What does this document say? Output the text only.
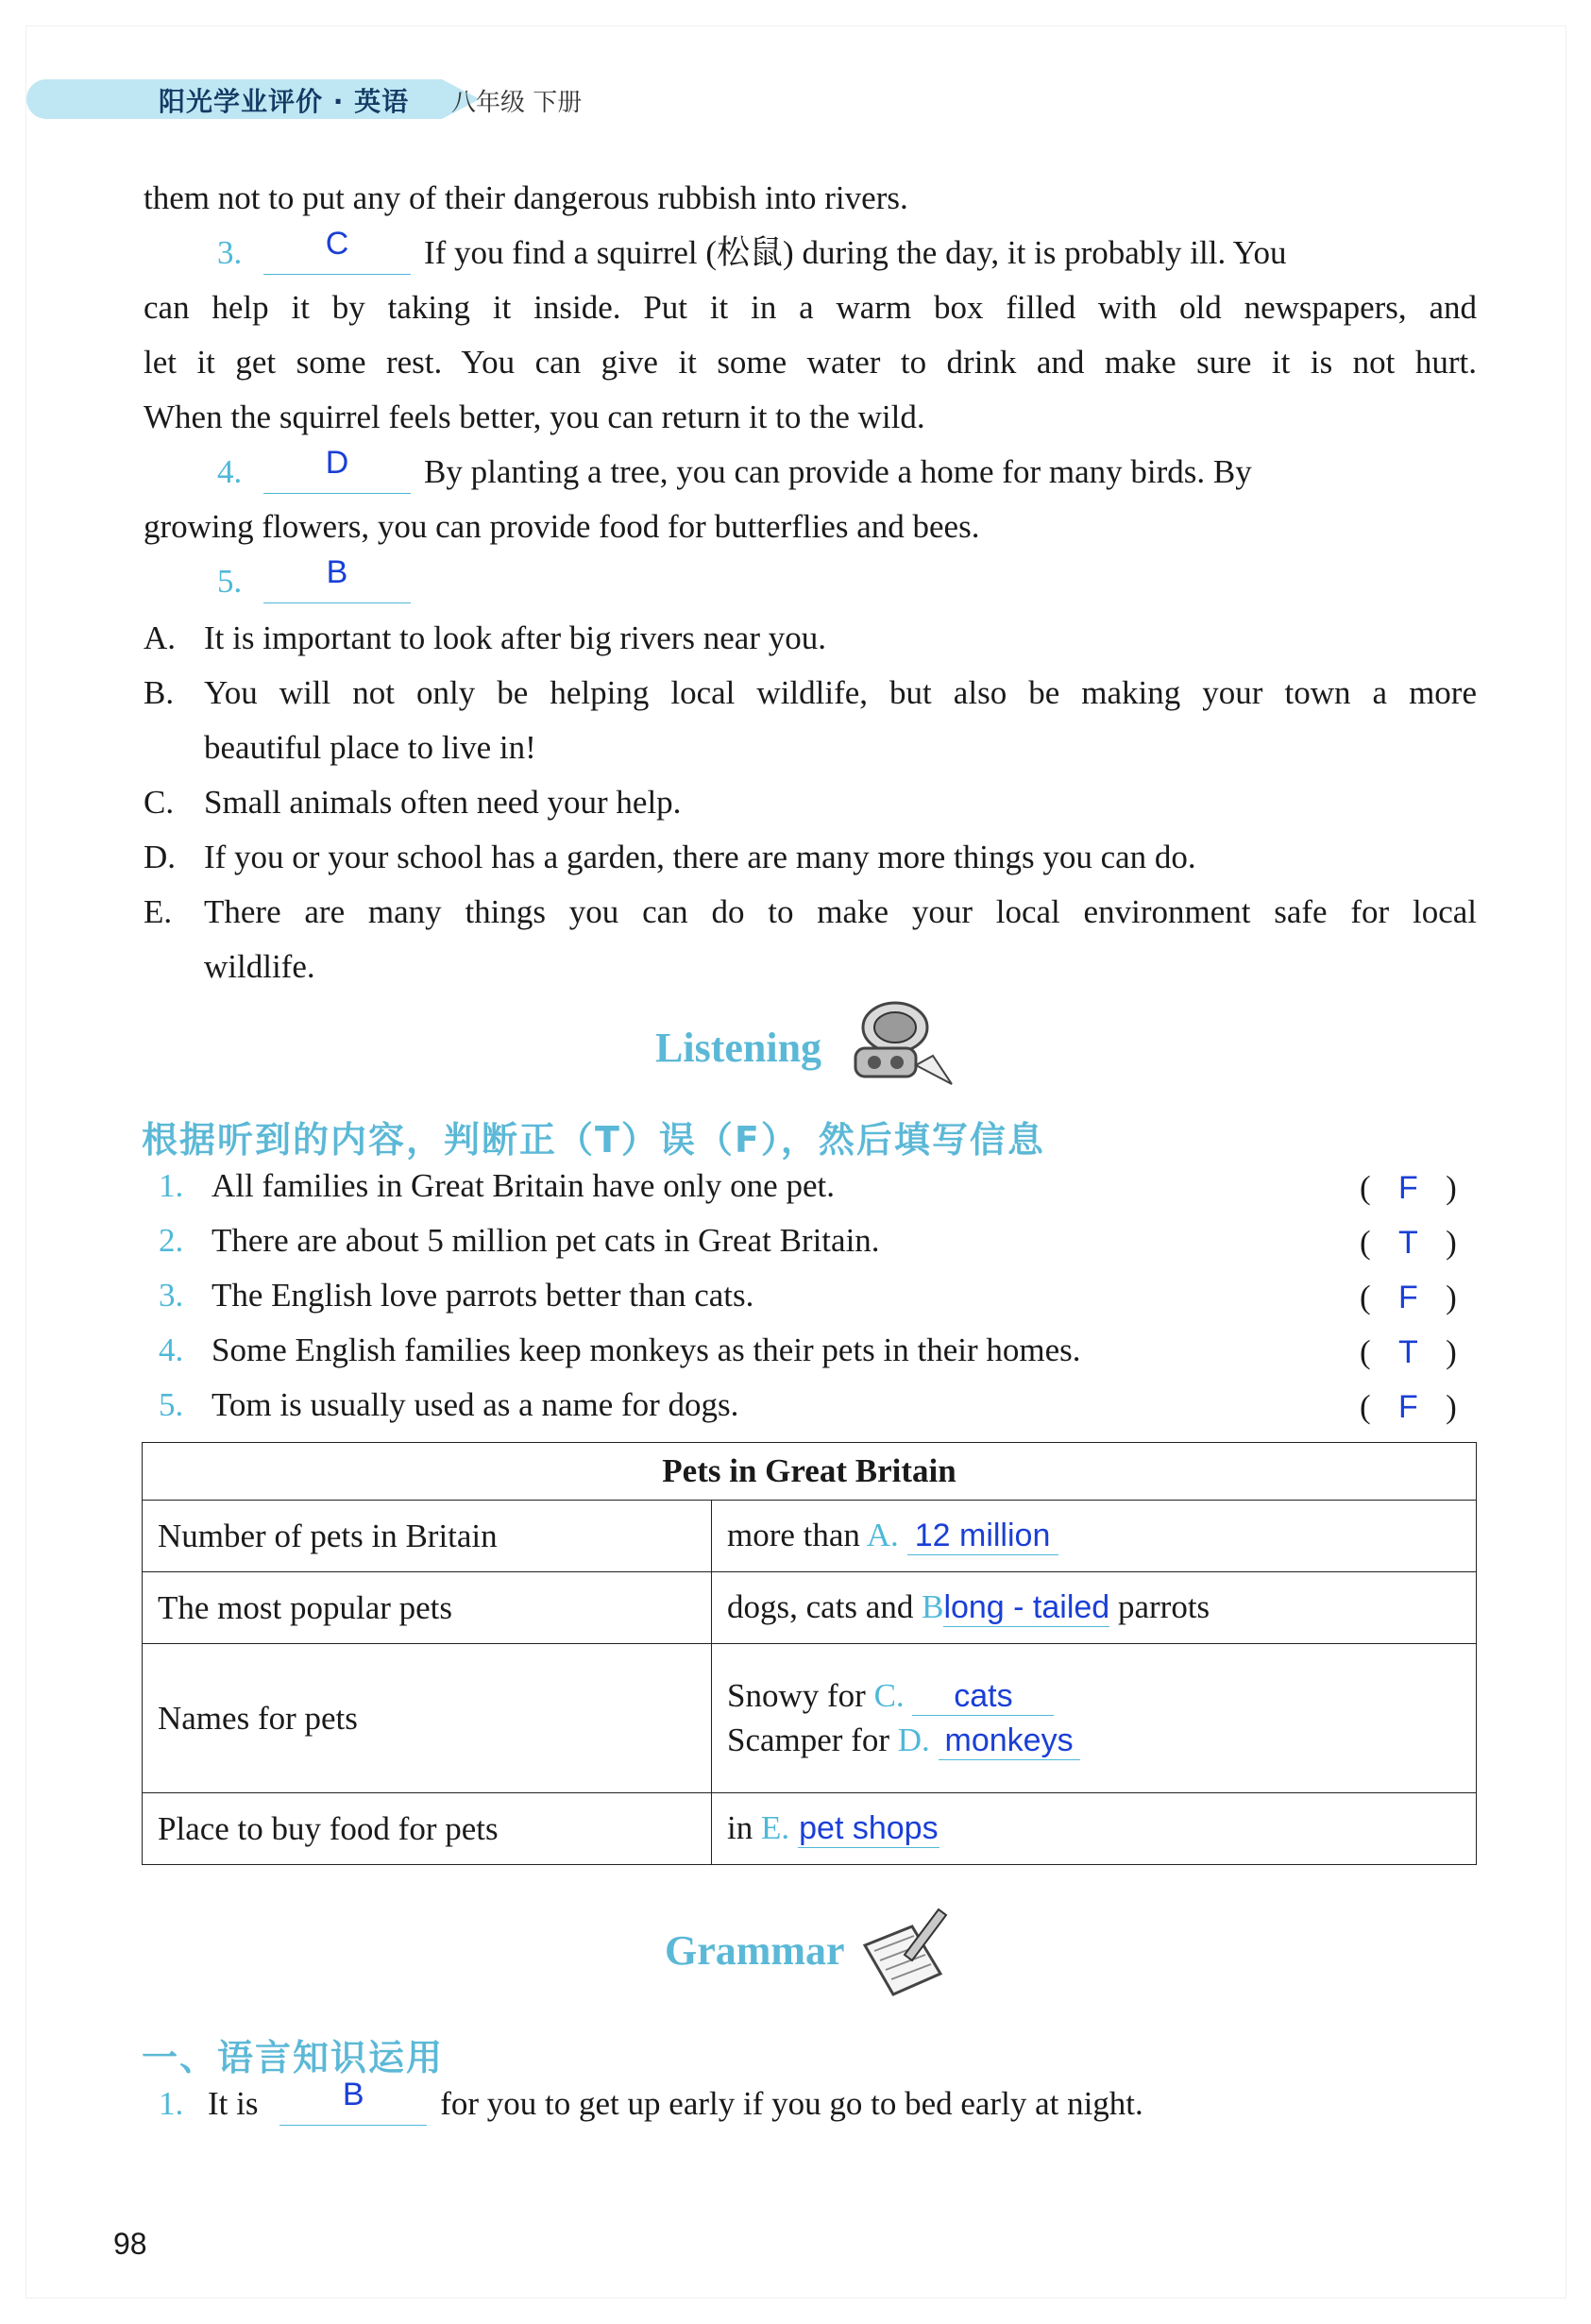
阳光学业评价 · 英语 八年级 下册
them not to put any of their dangerous rubbish into rivers.
3.	C If you find a squirrel (松鼠) during the day, it is probably ill. You
can help it by taking it inside. Put it in a warm box filled with old newspapers, and
let it get some rest. You can give it some water to drink and make sure it is not hurt.
When the squirrel feels better, you can return it to the wild.
4.	D By planting a tree, you can provide a home for many birds. By
growing flowers, you can provide food for butterflies and bees.
5.	B
A. It is important to look after big rivers near you.
B. You will not only be helping local wildlife, but also be making your town a more
beautiful place to live in!
C. Small animals often need your help.
D. If you or your school has a garden, there are many more things you can do.
E. There are many things you can do to make your local environment safe for local
wildlife.
Listening
根据听到的内容，判断正（T）误（F），然后填写信息
1. All families in Great Britain have only one pet.	( F )
2. There are about 5 million pet cats in Great Britain.	( T )
3. The English love parrots better than cats.	( F )
4. Some English families keep monkeys as their pets in their homes.	( T )
5. Tom is usually used as a name for dogs.	( F )
Pets in Great Britain	
Number of pets in Britain	more than A. 12 million
The most popular pets	dogs, cats and Blong - tailed parrots
Names for pets	Snowy for C. cats
Scamper for D. monkeys

Place to buy food for pets	in E. pet shops
Grammar
一、语言知识运用
1. It is	B for you to get up early if you go to bed early at night.
98
